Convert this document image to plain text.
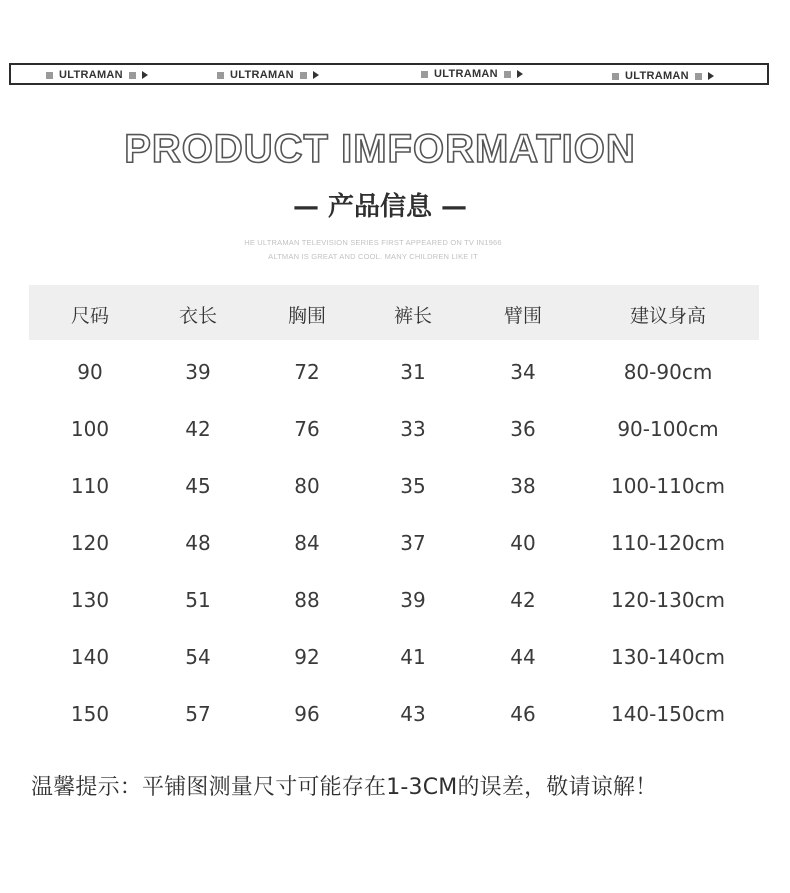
ULTRAMAN	ULTRAMAN	ULTRAMAN	ULTRAMAN
PRODUCT IMFORMATION
— 产品信息 —
HE ULTRAMAN TELEVISION SERIES FIRST APPEARED ON TV IN1966
ALTMAN IS GREAT AND COOL. MANY CHILDREN LIKE IT
尺码	衣长	胸围	裤长	臂围	建议身高
90	39	72	31	34	80-90cm
100	42	76	33	36	90-100cm
110	45	80	35	38	100-110cm
120	48	84	37	40	110-120cm
130	51	88	39	42	120-130cm
140	54	92	41	44	130-140cm
150	57	96	43	46	140-150cm
温馨提示：平铺图测量尺寸可能存在1-3CM的误差，敬请谅解！
